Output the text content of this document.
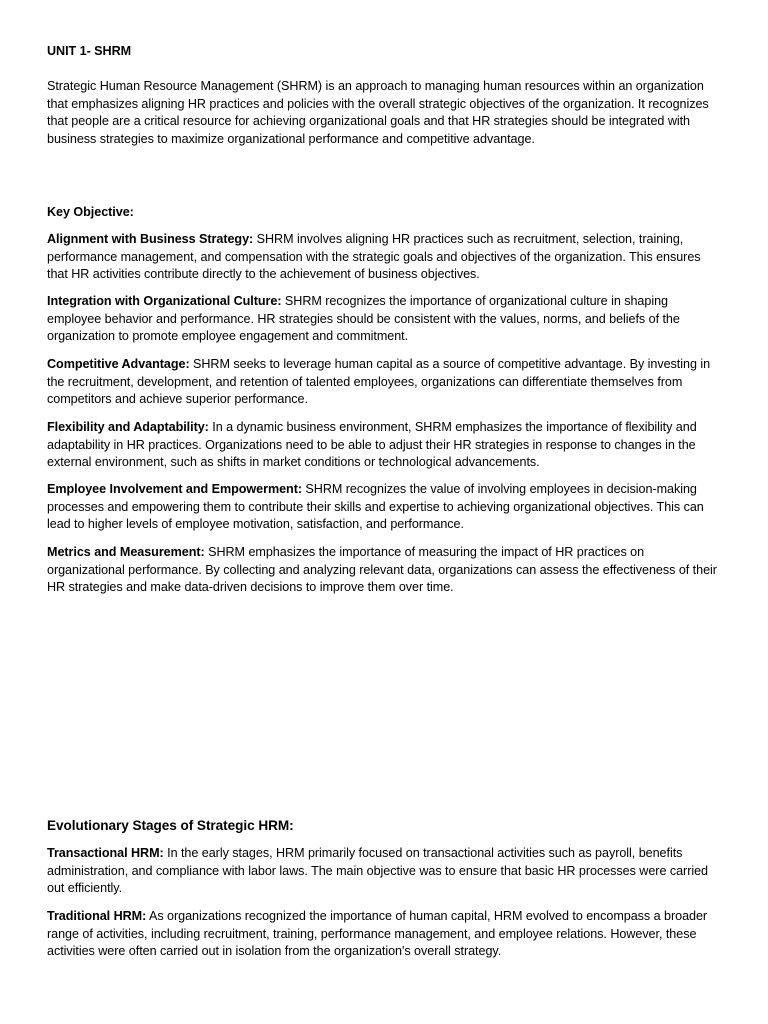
UNIT 1- SHRM

Strategic Human Resource Management (SHRM) is an approach to managing human resources within an organization that emphasizes aligning HR practices and policies with the overall strategic objectives of the organization. It recognizes that people are a critical resource for achieving organizational goals and that HR strategies should be integrated with business strategies to maximize organizational performance and competitive advantage.

Key Objective:

Alignment with Business Strategy: SHRM involves aligning HR practices such as recruitment, selection, training, performance management, and compensation with the strategic goals and objectives of the organization. This ensures that HR activities contribute directly to the achievement of business objectives.

Integration with Organizational Culture: SHRM recognizes the importance of organizational culture in shaping employee behavior and performance. HR strategies should be consistent with the values, norms, and beliefs of the organization to promote employee engagement and commitment.

Competitive Advantage: SHRM seeks to leverage human capital as a source of competitive advantage. By investing in the recruitment, development, and retention of talented employees, organizations can differentiate themselves from competitors and achieve superior performance.

Flexibility and Adaptability: In a dynamic business environment, SHRM emphasizes the importance of flexibility and adaptability in HR practices. Organizations need to be able to adjust their HR strategies in response to changes in the external environment, such as shifts in market conditions or technological advancements.

Employee Involvement and Empowerment: SHRM recognizes the value of involving employees in decision-making processes and empowering them to contribute their skills and expertise to achieving organizational objectives. This can lead to higher levels of employee motivation, satisfaction, and performance.

Metrics and Measurement: SHRM emphasizes the importance of measuring the impact of HR practices on organizational performance. By collecting and analyzing relevant data, organizations can assess the effectiveness of their HR strategies and make data-driven decisions to improve them over time.

Evolutionary Stages of Strategic HRM:

Transactional HRM: In the early stages, HRM primarily focused on transactional activities such as payroll, benefits administration, and compliance with labor laws. The main objective was to ensure that basic HR processes were carried out efficiently.

Traditional HRM: As organizations recognized the importance of human capital, HRM evolved to encompass a broader range of activities, including recruitment, training, performance management, and employee relations. However, these activities were often carried out in isolation from the organization's overall strategy.
